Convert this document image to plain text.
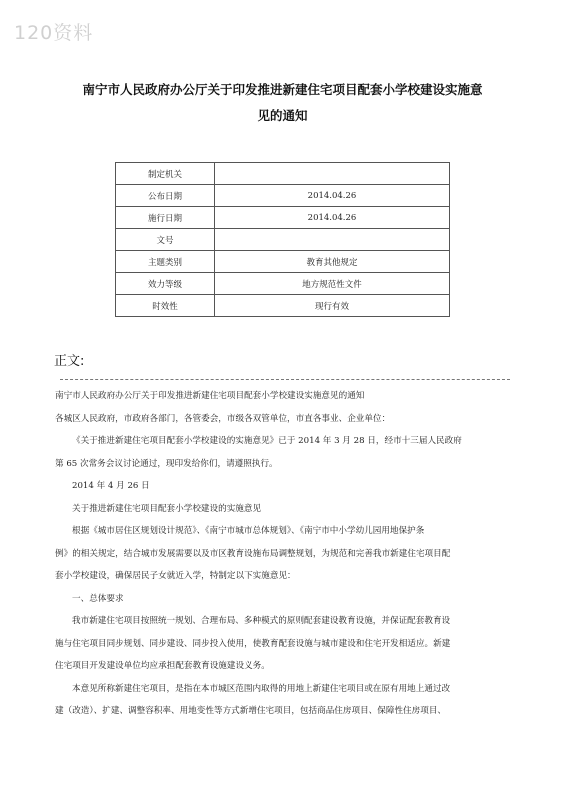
120资料
南宁市人民政府办公厅关于印发推进新建住宅项目配套小学校建设实施意
见的通知
制定机关	
公布日期	2014.04.26
施行日期	2014.04.26
文号	
主题类别	教育其他规定
效力等级	地方规范性文件
时效性	现行有效
正文:

南宁市人民政府办公厅关于印发推进新建住宅项目配套小学校建设实施意见的通知

各城区人民政府，市政府各部门，各管委会，市级各双管单位，市直各事业、企业单位：

《关于推进新建住宅项目配套小学校建设的实施意见》已于 2014 年 3 月 28 日，经市十三届人民政府

第 65 次常务会议讨论通过，现印发给你们，请遵照执行。

2014 年 4 月 26 日

关于推进新建住宅项目配套小学校建设的实施意见

根据《城市居住区规划设计规范》、《南宁市城市总体规划》、《南宁市中小学幼儿园用地保护条

例》的相关规定，结合城市发展需要以及市区教育设施布局调整规划，为规范和完善我市新建住宅项目配

套小学校建设，确保居民子女就近入学，特制定以下实施意见：

一、总体要求

我市新建住宅项目按照统一规划、合理布局、多种模式的原则配套建设教育设施，并保证配套教育设

施与住宅项目同步规划、同步建设、同步投入使用，使教育配套设施与城市建设和住宅开发相适应。新建

住宅项目开发建设单位均应承担配套教育设施建设义务。

本意见所称新建住宅项目，是指在本市城区范围内取得的用地上新建住宅项目或在原有用地上通过改

建（改造）、扩建、调整容积率、用地变性等方式新增住宅项目，包括商品住房项目、保障性住房项目、
